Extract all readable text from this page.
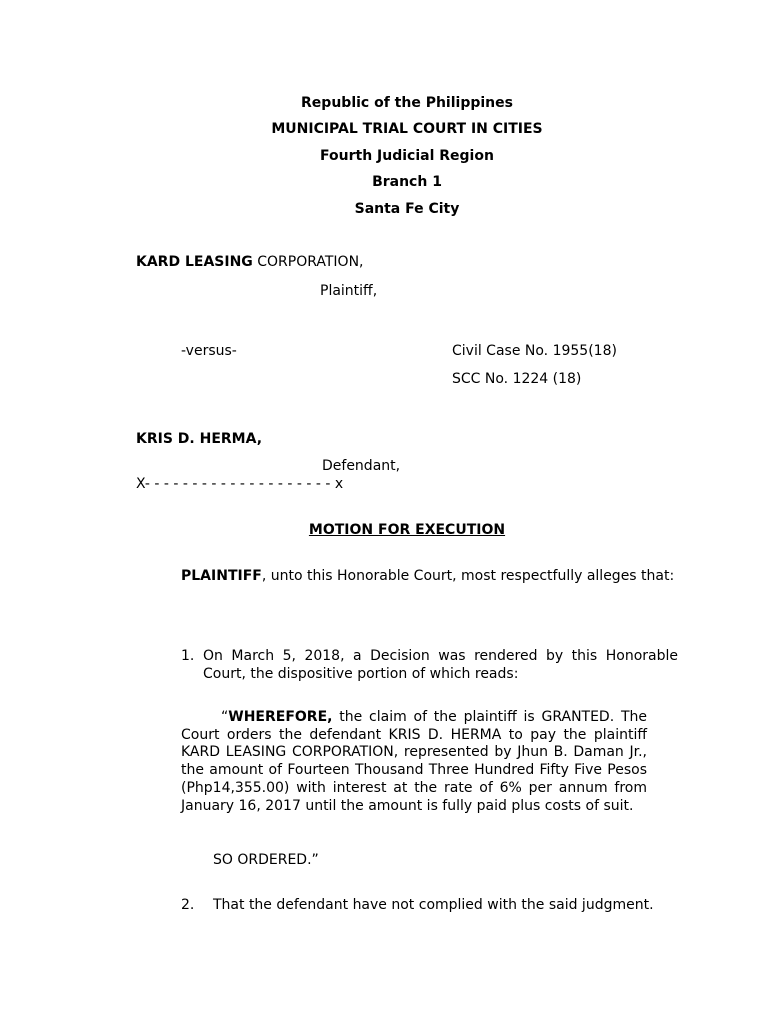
Republic of the Philippines
MUNICIPAL TRIAL COURT IN CITIES
Fourth Judicial Region
Branch 1
Santa Fe City
KARD LEASING CORPORATION,
Plaintiff,
-versus-	Civil Case No. 1955(18)
SCC No. 1224 (18)
KRIS D. HERMA,
Defendant,
X- - - - - - - - - - - - - - - - - - - - x
MOTION FOR EXECUTION
PLAINTIFF, unto this Honorable Court, most respectfully alleges that:
1. On March 5, 2018, a Decision was rendered by this Honorable Court, the dispositive portion of which reads:
“WHEREFORE, the claim of the plaintiff is GRANTED. The Court orders the defendant KRIS D. HERMA to pay the plaintiff KARD LEASING CORPORATION, represented by Jhun B. Daman Jr., the amount of Fourteen Thousand Three Hundred Fifty Five Pesos (Php14,355.00) with interest at the rate of 6% per annum from January 16, 2017 until the amount is fully paid plus costs of suit.
SO ORDERED.”
2. That the defendant have not complied with the said judgment.
